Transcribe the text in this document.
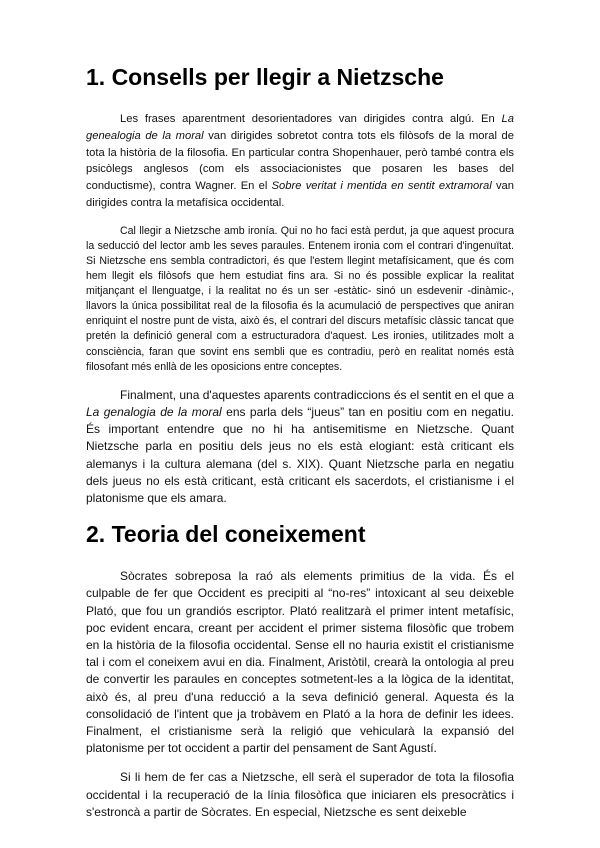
1. Consells per llegir a Nietzsche

Les frases aparentment desorientadores van dirigides contra algú. En La genealogia de la moral van dirigides sobretot contra tots els filòsofs de la moral de tota la història de la filosofia. En particular contra Shopenhauer, però també contra els psicòlegs anglesos (com els associacionistes que posaren les bases del conductisme), contra Wagner. En el Sobre veritat i mentida en sentit extramoral van dirigides contra la metafísica occidental.

Cal llegir a Nietzsche amb ironía. Qui no ho faci està perdut, ja que aquest procura la seducció del lector amb les seves paraules. Entenem ironia com el contrari d'ingenuïtat. Si Nietzsche ens sembla contradictori, és que l'estem llegint metafísicament, que és com hem llegit els filòsofs que hem estudiat fins ara. Si no és possible explicar la realitat mitjançant el llenguatge, i la realitat no és un ser -estàtic- sinó un esdevenir -dinàmic-, llavors la única possibilitat real de la filosofia és la acumulació de perspectives que aniran enriquint el nostre punt de vista, això és, el contrari del discurs metafísic clàssic tancat que pretén la definició general com a estructuradora d'aquest. Les ironies, utilitzades molt a consciència, faran que sovint ens sembli que es contradiu, però en realitat només està filosofant més enllà de les oposicions entre conceptes.

Finalment, una d'aquestes aparents contradiccions és el sentit en el que a La genalogia de la moral ens parla dels “jueus” tan en positiu com en negatiu. És important entendre que no hi ha antisemitisme en Nietzsche. Quant Nietzsche parla en positiu dels jeus no els està elogiant: està criticant els alemanys i la cultura alemana (del s. XIX). Quant Nietzsche parla en negatiu dels jueus no els està criticant, està criticant els sacerdots, el cristianisme i el platonisme que els amara.

2. Teoria del coneixement

Sòcrates sobreposa la raó als elements primitius de la vida. És el culpable de fer que Occident es precipiti al “no-res” intoxicant al seu deixeble Plató, que fou un grandiós escriptor. Plató realitzarà el primer intent metafísic, poc evident encara, creant per accident el primer sistema filosòfic que trobem en la història de la filosofia occidental. Sense ell no hauria existit el cristianisme tal i com el coneixem avui en dia. Finalment, Aristòtil, crearà la ontologia al preu de convertir les paraules en conceptes sotmetent-les a la lògica de la identitat, això és, al preu d'una reducció a la seva definició general. Aquesta és la consolidació de l'intent que ja trobàvem en Plató a la hora de definir les idees. Finalment, el cristianisme serà la religió que vehicularà la expansió del platonisme per tot occident a partir del pensament de Sant Agustí.

Si li hem de fer cas a Nietzsche, ell serà el superador de tota la filosofia occidental i la recuperació de la línia filosòfica que iniciaren els presocràtics i s'estroncà a partir de Sòcrates. En especial, Nietzsche es sent deixeble
